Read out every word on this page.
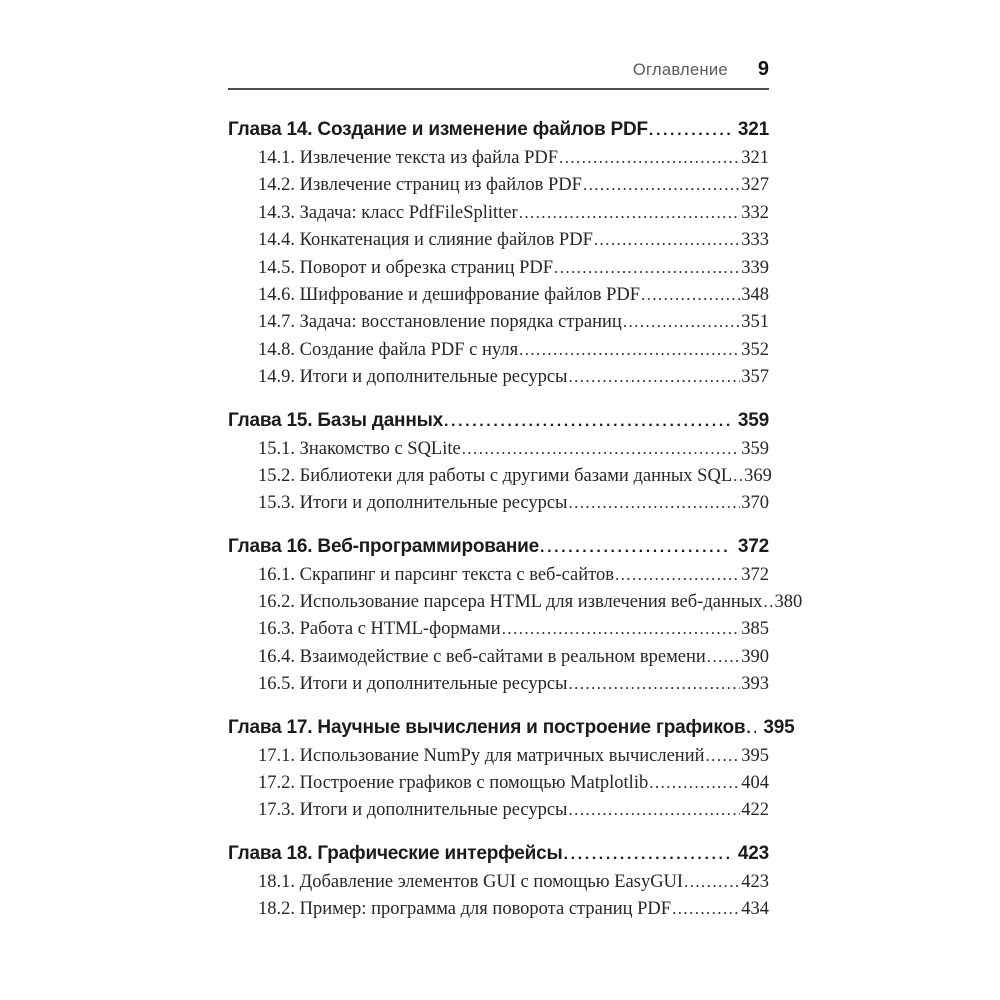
Оглавление 9
Глава 14. Создание и изменение файлов PDF .....	321
14.1. Извлечение текста из файла PDF .....	321
14.2. Извлечение страниц из файлов PDF .....	327
14.3. Задача: класс PdfFileSplitter .....	332
14.4. Конкатенация и слияние файлов PDF .....	333
14.5. Поворот и обрезка страниц PDF .....	339
14.6. Шифрование и дешифрование файлов PDF .....	348
14.7. Задача: восстановление порядка страниц .....	351
14.8. Создание файла PDF с нуля .....	352
14.9. Итоги и дополнительные ресурсы .....	357
Глава 15. Базы данных .....	359
15.1. Знакомство с SQLite .....	359
15.2. Библиотеки для работы с другими базами данных SQL ..... 369
15.3. Итоги и дополнительные ресурсы .....	370
Глава 16. Веб-программирование .....	372
16.1. Скрапинг и парсинг текста с веб-сайтов .....	372
16.2. Использование парсера HTML для извлечения веб-данных ..... 380
16.3. Работа с HTML-формами .....	385
16.4. Взаимодействие с веб-сайтами в реальном времени ..... 390
16.5. Итоги и дополнительные ресурсы .....	393
Глава 17. Научные вычисления и построение графиков ..... 395
17.1. Использование NumPy для матричных вычислений ..... 395
17.2. Построение графиков с помощью Matplotlib .....	404
17.3. Итоги и дополнительные ресурсы .....	422
Глава 18. Графические интерфейсы .....	423
18.1. Добавление элементов GUI с помощью EasyGUI .....	423
18.2. Пример: программа для поворота страниц PDF .....	434
